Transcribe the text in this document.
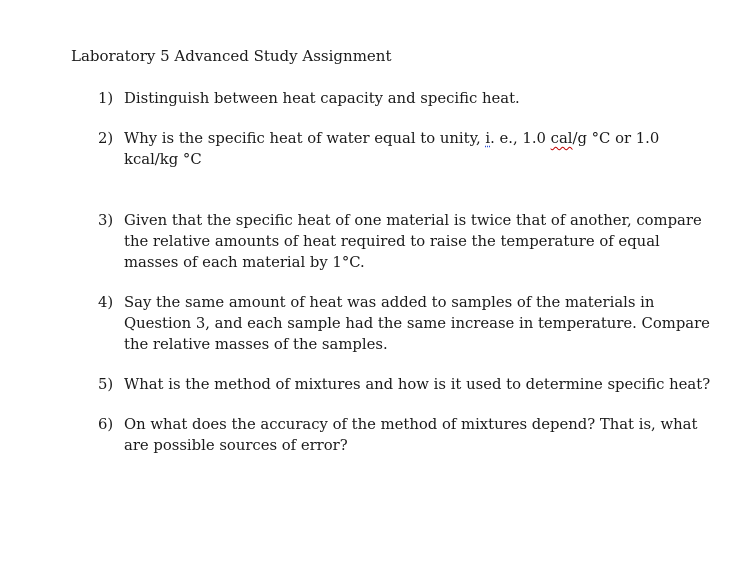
Laboratory 5 Advanced Study Assignment
1) Distinguish between heat capacity and specific heat.
2) Why is the specific heat of water equal to unity, i. e., 1.0 cal/g °C or 1.0 kcal/kg °C
3) Given that the specific heat of one material is twice that of another, compare the relative amounts of heat required to raise the temperature of equal masses of each material by 1°C.
4) Say the same amount of heat was added to samples of the materials in Question 3, and each sample had the same increase in temperature. Compare the relative masses of the samples.
5) What is the method of mixtures and how is it used to determine specific heat?
6) On what does the accuracy of the method of mixtures depend? That is, what are possible sources of error?
